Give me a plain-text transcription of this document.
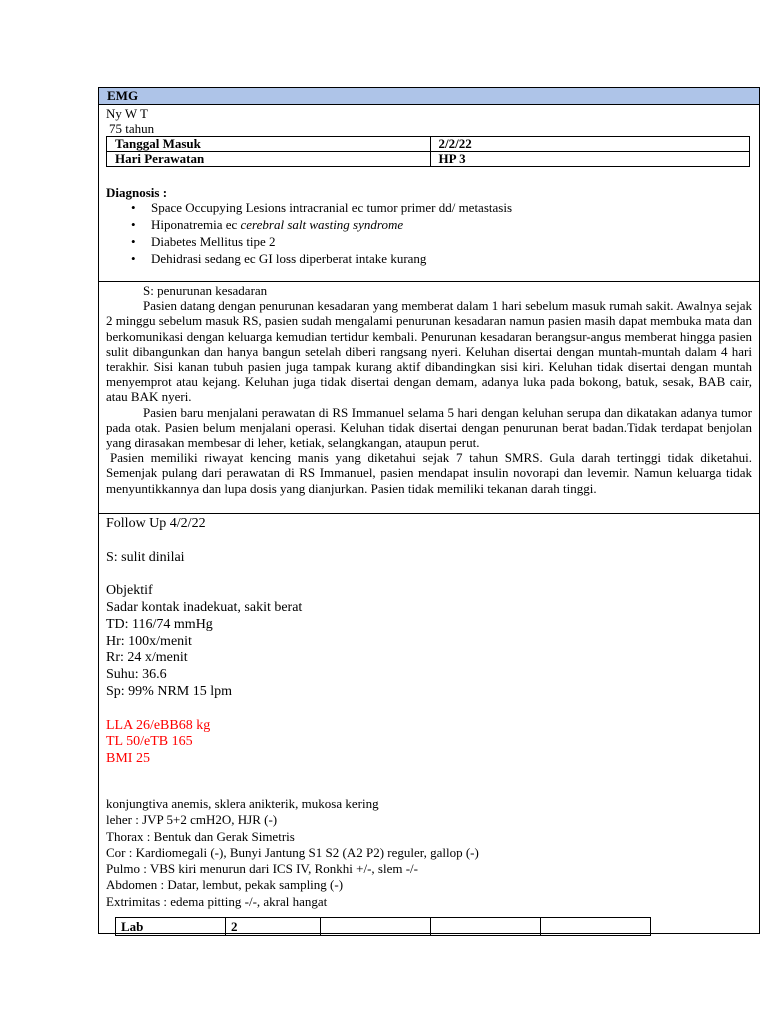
EMG
Ny W T
75 tahun
Tanggal Masuk	2/2/22
Hari Perawatan	HP 3
Diagnosis :
• Space Occupying Lesions intracranial ec tumor primer dd/ metastasis
• Hiponatremia ec cerebral salt wasting syndrome
• Diabetes Mellitus tipe 2
• Dehidrasi sedang ec GI loss diperberat intake kurang

S: penurunan kesadaran

Pasien datang dengan penurunan kesadaran yang memberat dalam 1 hari sebelum masuk rumah sakit. Awalnya sejak 2 minggu sebelum masuk RS, pasien sudah mengalami penurunan kesadaran namun pasien masih dapat membuka mata dan berkomunikasi dengan keluarga kemudian tertidur kembali. Penurunan kesadaran berangsur-angus memberat hingga pasien sulit dibangunkan dan hanya bangun setelah diberi rangsang nyeri. Keluhan disertai dengan muntah-muntah dalam 4 hari terakhir. Sisi kanan tubuh pasien juga tampak kurang aktif dibandingkan sisi kiri. Keluhan tidak disertai dengan muntah menyemprot atau kejang. Keluhan juga tidak disertai dengan demam, adanya luka pada bokong, batuk, sesak, BAB cair, atau BAK nyeri.

Pasien baru menjalani perawatan di RS Immanuel selama 5 hari dengan keluhan serupa dan dikatakan adanya tumor pada otak. Pasien belum menjalani operasi. Keluhan tidak disertai dengan penurunan berat badan.Tidak terdapat benjolan yang dirasakan membesar di leher, ketiak, selangkangan, ataupun perut.

Pasien memiliki riwayat kencing manis yang diketahui sejak 7 tahun SMRS. Gula darah tertinggi tidak diketahui. Semenjak pulang dari perawatan di RS Immanuel, pasien mendapat insulin novorapi dan levemir. Namun keluarga tidak menyuntikkannya dan lupa dosis yang dianjurkan. Pasien tidak memiliki tekanan darah tinggi.

Follow Up 4/2/22
S: sulit dinilai
Objektif
Sadar kontak inadekuat, sakit berat
TD: 116/74 mmHg
Hr: 100x/menit
Rr: 24 x/menit
Suhu: 36.6
Sp: 99% NRM 15 lpm
LLA 26/eBB68 kg
TL 50/eTB 165
BMI 25
konjungtiva anemis, sklera anikterik, mukosa kering
leher : JVP 5+2 cmH2O, HJR (-)
Thorax : Bentuk dan Gerak Simetris
Cor : Kardiomegali (-), Bunyi Jantung S1 S2 (A2 P2) reguler, gallop (-)
Pulmo : VBS kiri menurun dari ICS IV, Ronkhi +/-, slem -/-
Abdomen : Datar, lembut, pekak sampling (-)
Extrimitas : edema pitting -/-, akral hangat
Lab	2			
